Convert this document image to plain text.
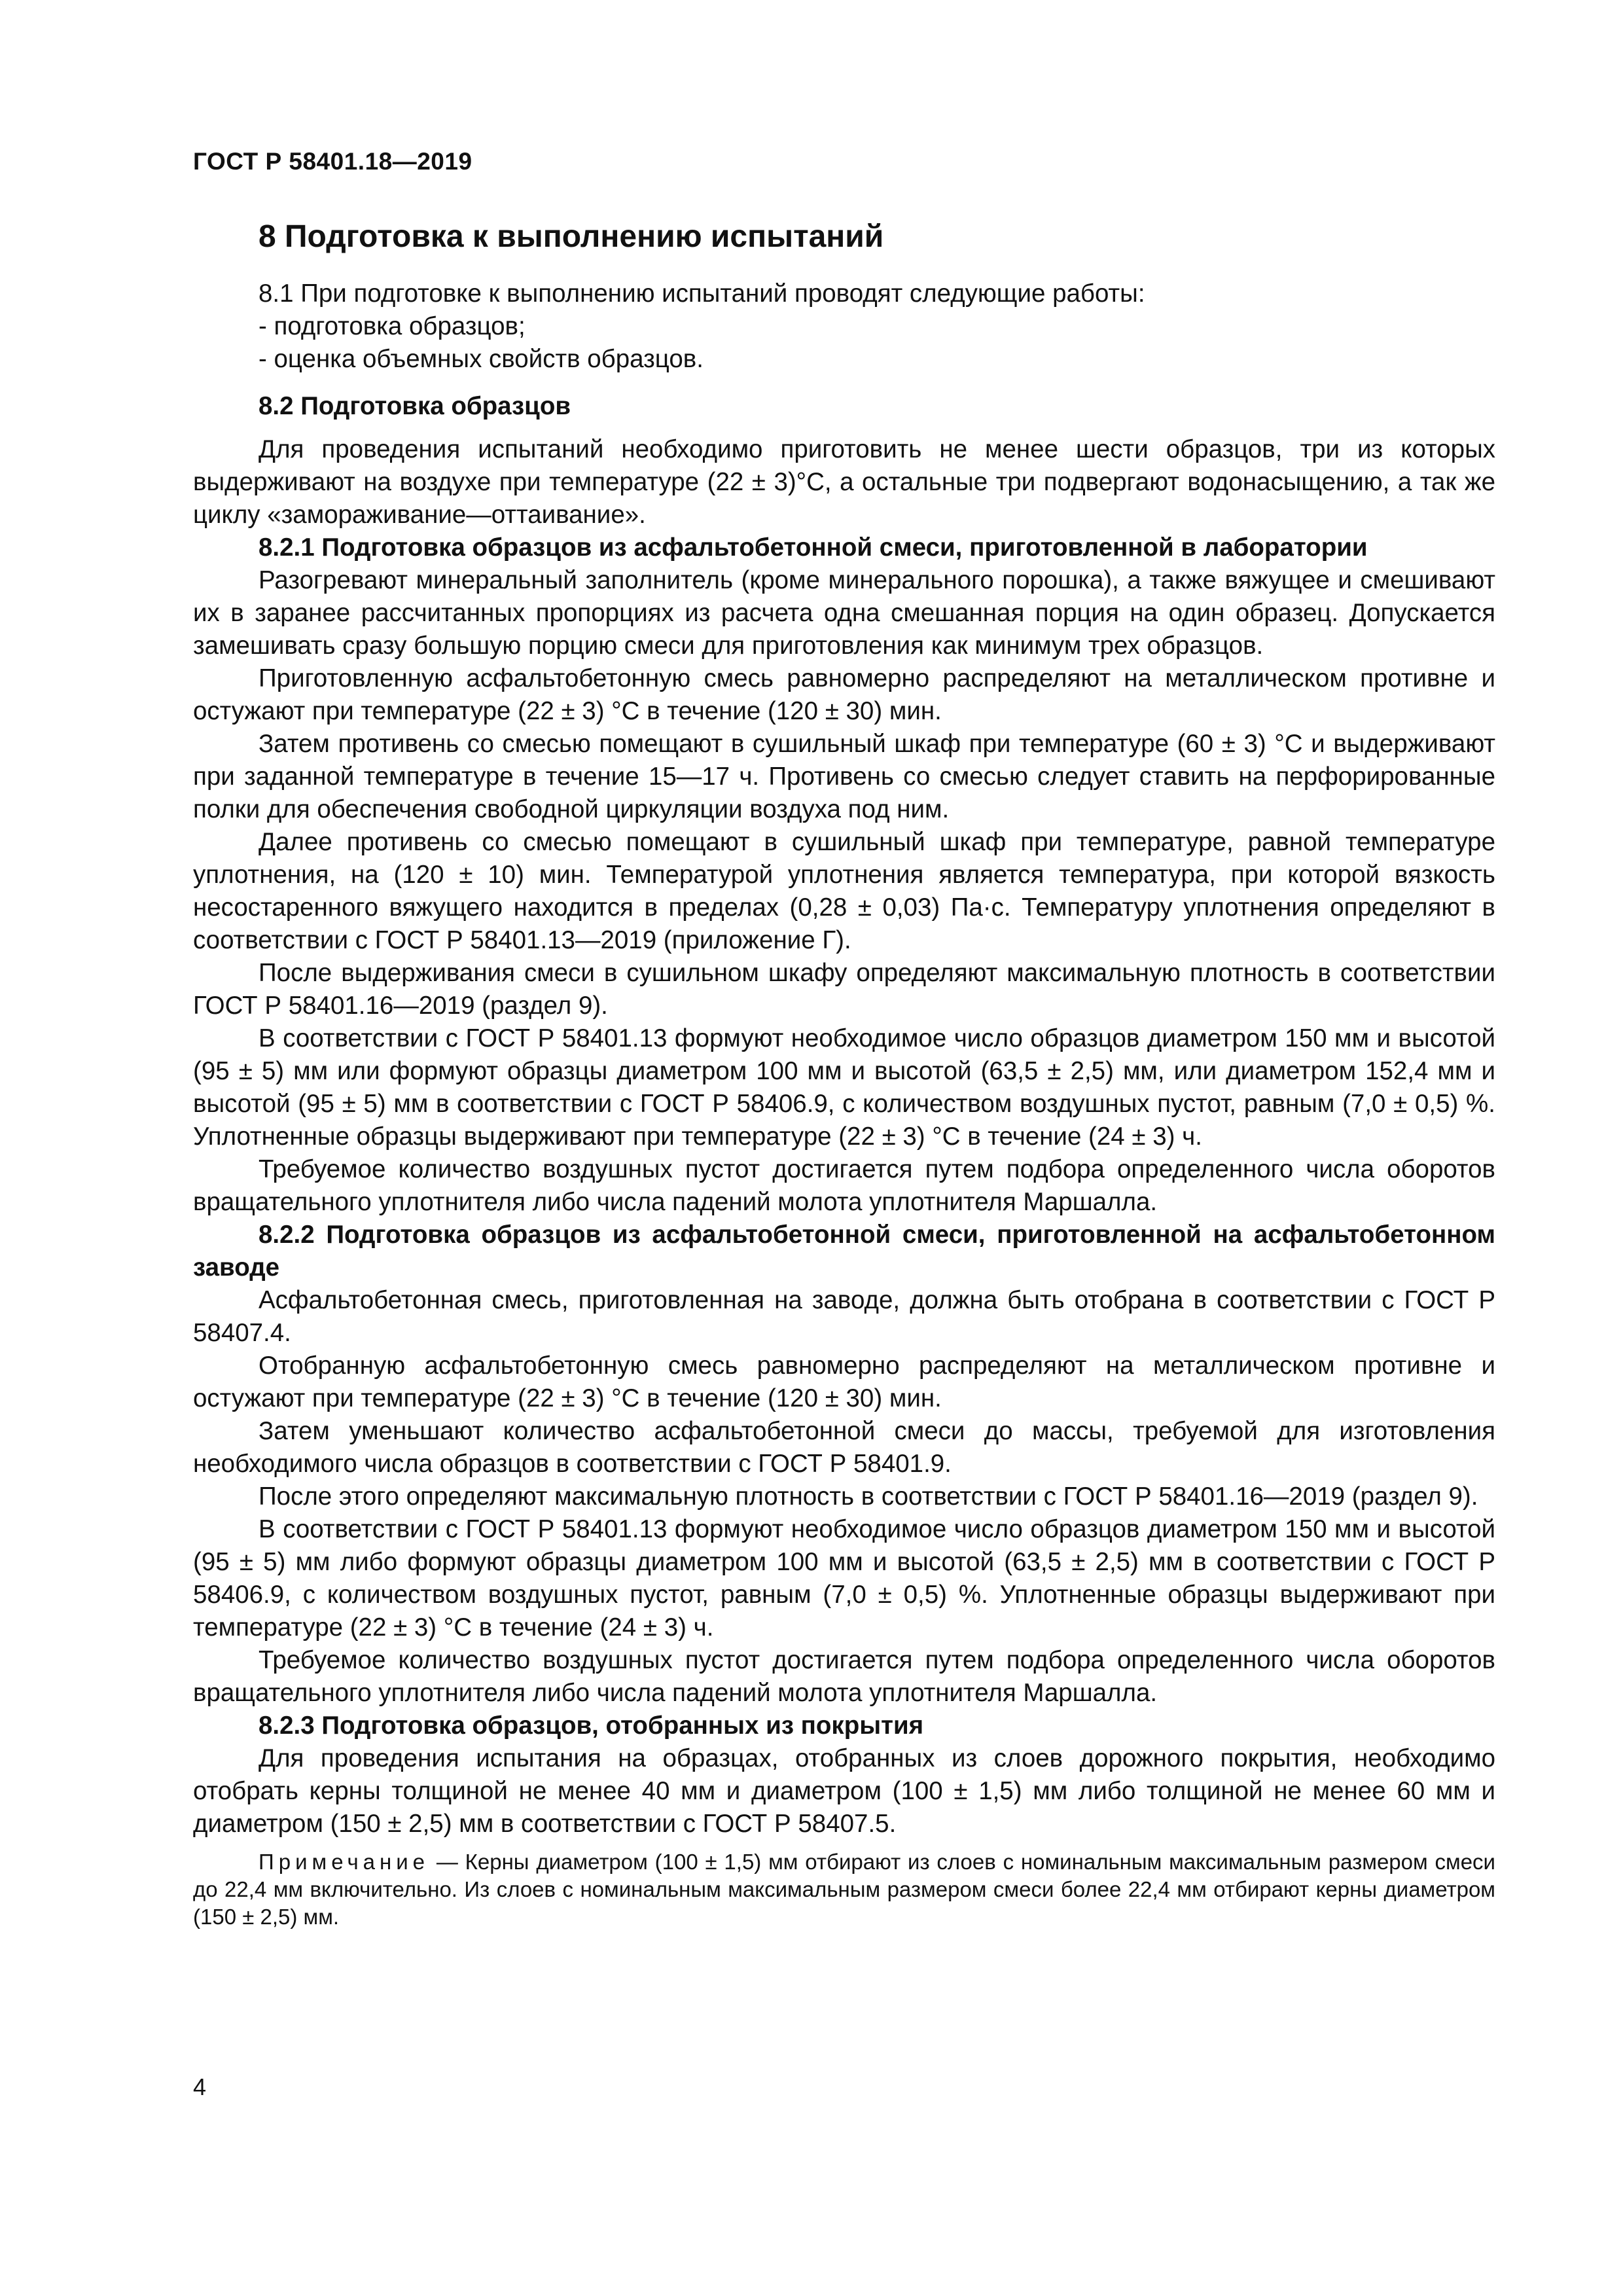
ГОСТ Р 58401.18—2019
8 Подготовка к выполнению испытаний
8.1 При подготовке к выполнению испытаний проводят следующие работы:
- подготовка образцов;
- оценка объемных свойств образцов.
8.2 Подготовка образцов
Для проведения испытаний необходимо приготовить не менее шести образцов, три из которых выдерживают на воздухе при температуре (22 ± 3)°С, а остальные три подвергают водонасыщению, а так же циклу «замораживание—оттаивание».
8.2.1 Подготовка образцов из асфальтобетонной смеси, приготовленной в лаборатории
Разогревают минеральный заполнитель (кроме минерального порошка), а также вяжущее и смешивают их в заранее рассчитанных пропорциях из расчета одна смешанная порция на один образец. Допускается замешивать сразу большую порцию смеси для приготовления как минимум трех образцов.
Приготовленную асфальтобетонную смесь равномерно распределяют на металлическом противне и остужают при температуре (22 ± 3) °С в течение (120 ± 30) мин.
Затем противень со смесью помещают в сушильный шкаф при температуре (60 ± 3) °С и выдерживают при заданной температуре в течение 15—17 ч. Противень со смесью следует ставить на перфорированные полки для обеспечения свободной циркуляции воздуха под ним.
Далее противень со смесью помещают в сушильный шкаф при температуре, равной температуре уплотнения, на (120 ± 10) мин. Температурой уплотнения является температура, при которой вязкость несостаренного вяжущего находится в пределах (0,28 ± 0,03) Па·с. Температуру уплотнения определяют в соответствии с ГОСТ Р 58401.13—2019 (приложение Г).
После выдерживания смеси в сушильном шкафу определяют максимальную плотность в соответствии ГОСТ Р 58401.16—2019 (раздел 9).
В соответствии с ГОСТ Р 58401.13 формуют необходимое число образцов диаметром 150 мм и высотой (95 ± 5) мм или формуют образцы диаметром 100 мм и высотой (63,5 ± 2,5) мм, или диаметром 152,4 мм и высотой (95 ± 5) мм в соответствии с ГОСТ Р 58406.9, с количеством воздушных пустот, равным (7,0 ± 0,5) %. Уплотненные образцы выдерживают при температуре (22 ± 3) °С в течение (24 ± 3) ч.
Требуемое количество воздушных пустот достигается путем подбора определенного числа оборотов вращательного уплотнителя либо числа падений молота уплотнителя Маршалла.
8.2.2 Подготовка образцов из асфальтобетонной смеси, приготовленной на асфальтобетонном заводе
Асфальтобетонная смесь, приготовленная на заводе, должна быть отобрана в соответствии с ГОСТ Р 58407.4.
Отобранную асфальтобетонную смесь равномерно распределяют на металлическом противне и остужают при температуре (22 ± 3) °С в течение (120 ± 30) мин.
Затем уменьшают количество асфальтобетонной смеси до массы, требуемой для изготовления необходимого числа образцов в соответствии с ГОСТ Р 58401.9.
После этого определяют максимальную плотность в соответствии с ГОСТ Р 58401.16—2019 (раздел 9).
В соответствии с ГОСТ Р 58401.13 формуют необходимое число образцов диаметром 150 мм и высотой (95 ± 5) мм либо формуют образцы диаметром 100 мм и высотой (63,5 ± 2,5) мм в соответствии с ГОСТ Р 58406.9, с количеством воздушных пустот, равным (7,0 ± 0,5) %. Уплотненные образцы выдерживают при температуре (22 ± 3) °С в течение (24 ± 3) ч.
Требуемое количество воздушных пустот достигается путем подбора определенного числа оборотов вращательного уплотнителя либо числа падений молота уплотнителя Маршалла.
8.2.3 Подготовка образцов, отобранных из покрытия
Для проведения испытания на образцах, отобранных из слоев дорожного покрытия, необходимо отобрать керны толщиной не менее 40 мм и диаметром (100 ± 1,5) мм либо толщиной не менее 60 мм и диаметром (150 ± 2,5) мм в соответствии с ГОСТ Р 58407.5.
Примечание — Керны диаметром (100 ± 1,5) мм отбирают из слоев с номинальным максимальным размером смеси до 22,4 мм включительно. Из слоев с номинальным максимальным размером смеси более 22,4 мм отбирают керны диаметром (150 ± 2,5) мм.
4
